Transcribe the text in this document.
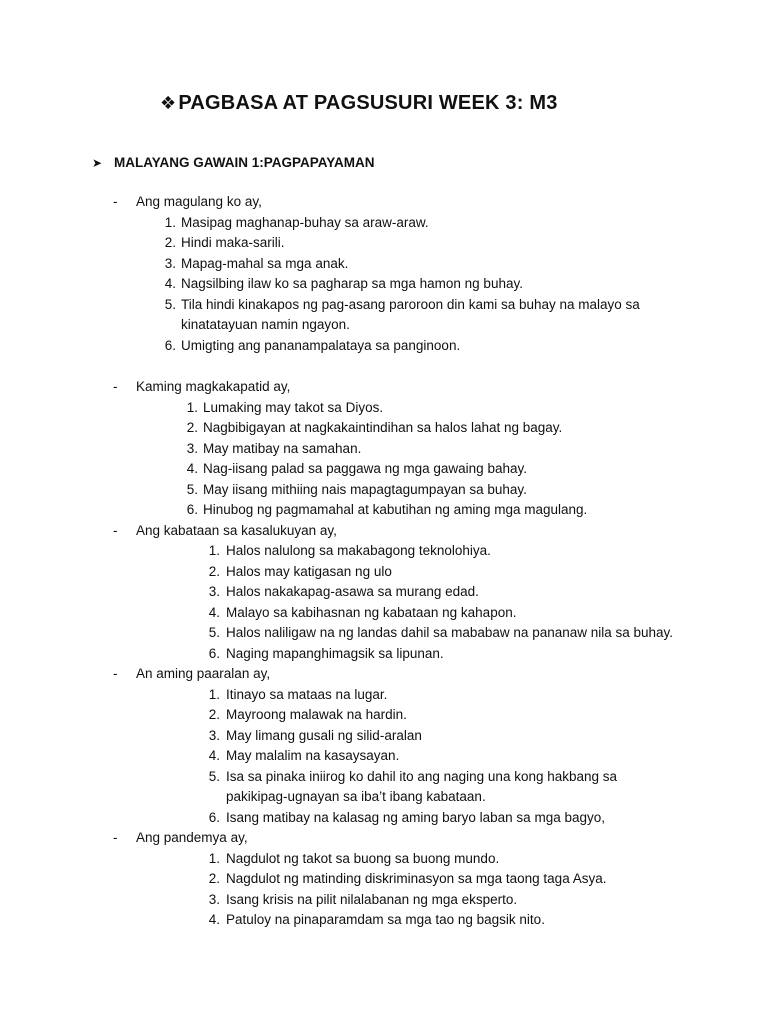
❖ PAGBASA AT PAGSUSURI WEEK 3: M3
➤ MALAYANG GAWAIN 1:PAGPAPAYAMAN
- Ang magulang ko ay,
1. Masipag maghanap-buhay sa araw-araw.
2. Hindi maka-sarili.
3. Mapag-mahal sa mga anak.
4. Nagsilbing ilaw ko sa pagharap sa mga hamon ng buhay.
5. Tila hindi kinakapos ng pag-asang paroroon din kami sa buhay na malayo sa
kinatatayuan namin ngayon.
6. Umigting ang pananampalataya sa panginoon.
- Kaming magkakapatid ay,
1. Lumaking may takot sa Diyos.
2. Nagbibigayan at nagkakaintindihan sa halos lahat ng bagay.
3. May matibay na samahan.
4. Nag-iisang palad sa paggawa ng mga gawaing bahay.
5. May iisang mithiing nais mapagtagumpayan sa buhay.
6. Hinubog ng pagmamahal at kabutihan ng aming mga magulang.
- Ang kabataan sa kasalukuyan ay,
1. Halos nalulong sa makabagong teknolohiya.
2. Halos may katigasan ng ulo
3. Halos nakakapag-asawa sa murang edad.
4. Malayo sa kabihasnan ng kabataan ng kahapon.
5. Halos naliligaw na ng landas dahil sa mababaw na pananaw nila sa buhay.
6. Naging mapanghimagsik sa lipunan.
- An aming paaralan ay,
1. Itinayo sa mataas na lugar.
2. Mayroong malawak na hardin.
3. May limang gusali ng silid-aralan
4. May malalim na kasaysayan.
5. Isa sa pinaka iniirog ko dahil ito ang naging una kong hakbang sa
pakikipag-ugnayan sa iba’t ibang kabataan.
6. Isang matibay na kalasag ng aming baryo laban sa mga bagyo,
- Ang pandemya ay,
1. Nagdulot ng takot sa buong sa buong mundo.
2. Nagdulot ng matinding diskriminasyon sa mga taong taga Asya.
3. Isang krisis na pilit nilalabanan ng mga eksperto.
4. Patuloy na pinaparamdam sa mga tao ng bagsik nito.
